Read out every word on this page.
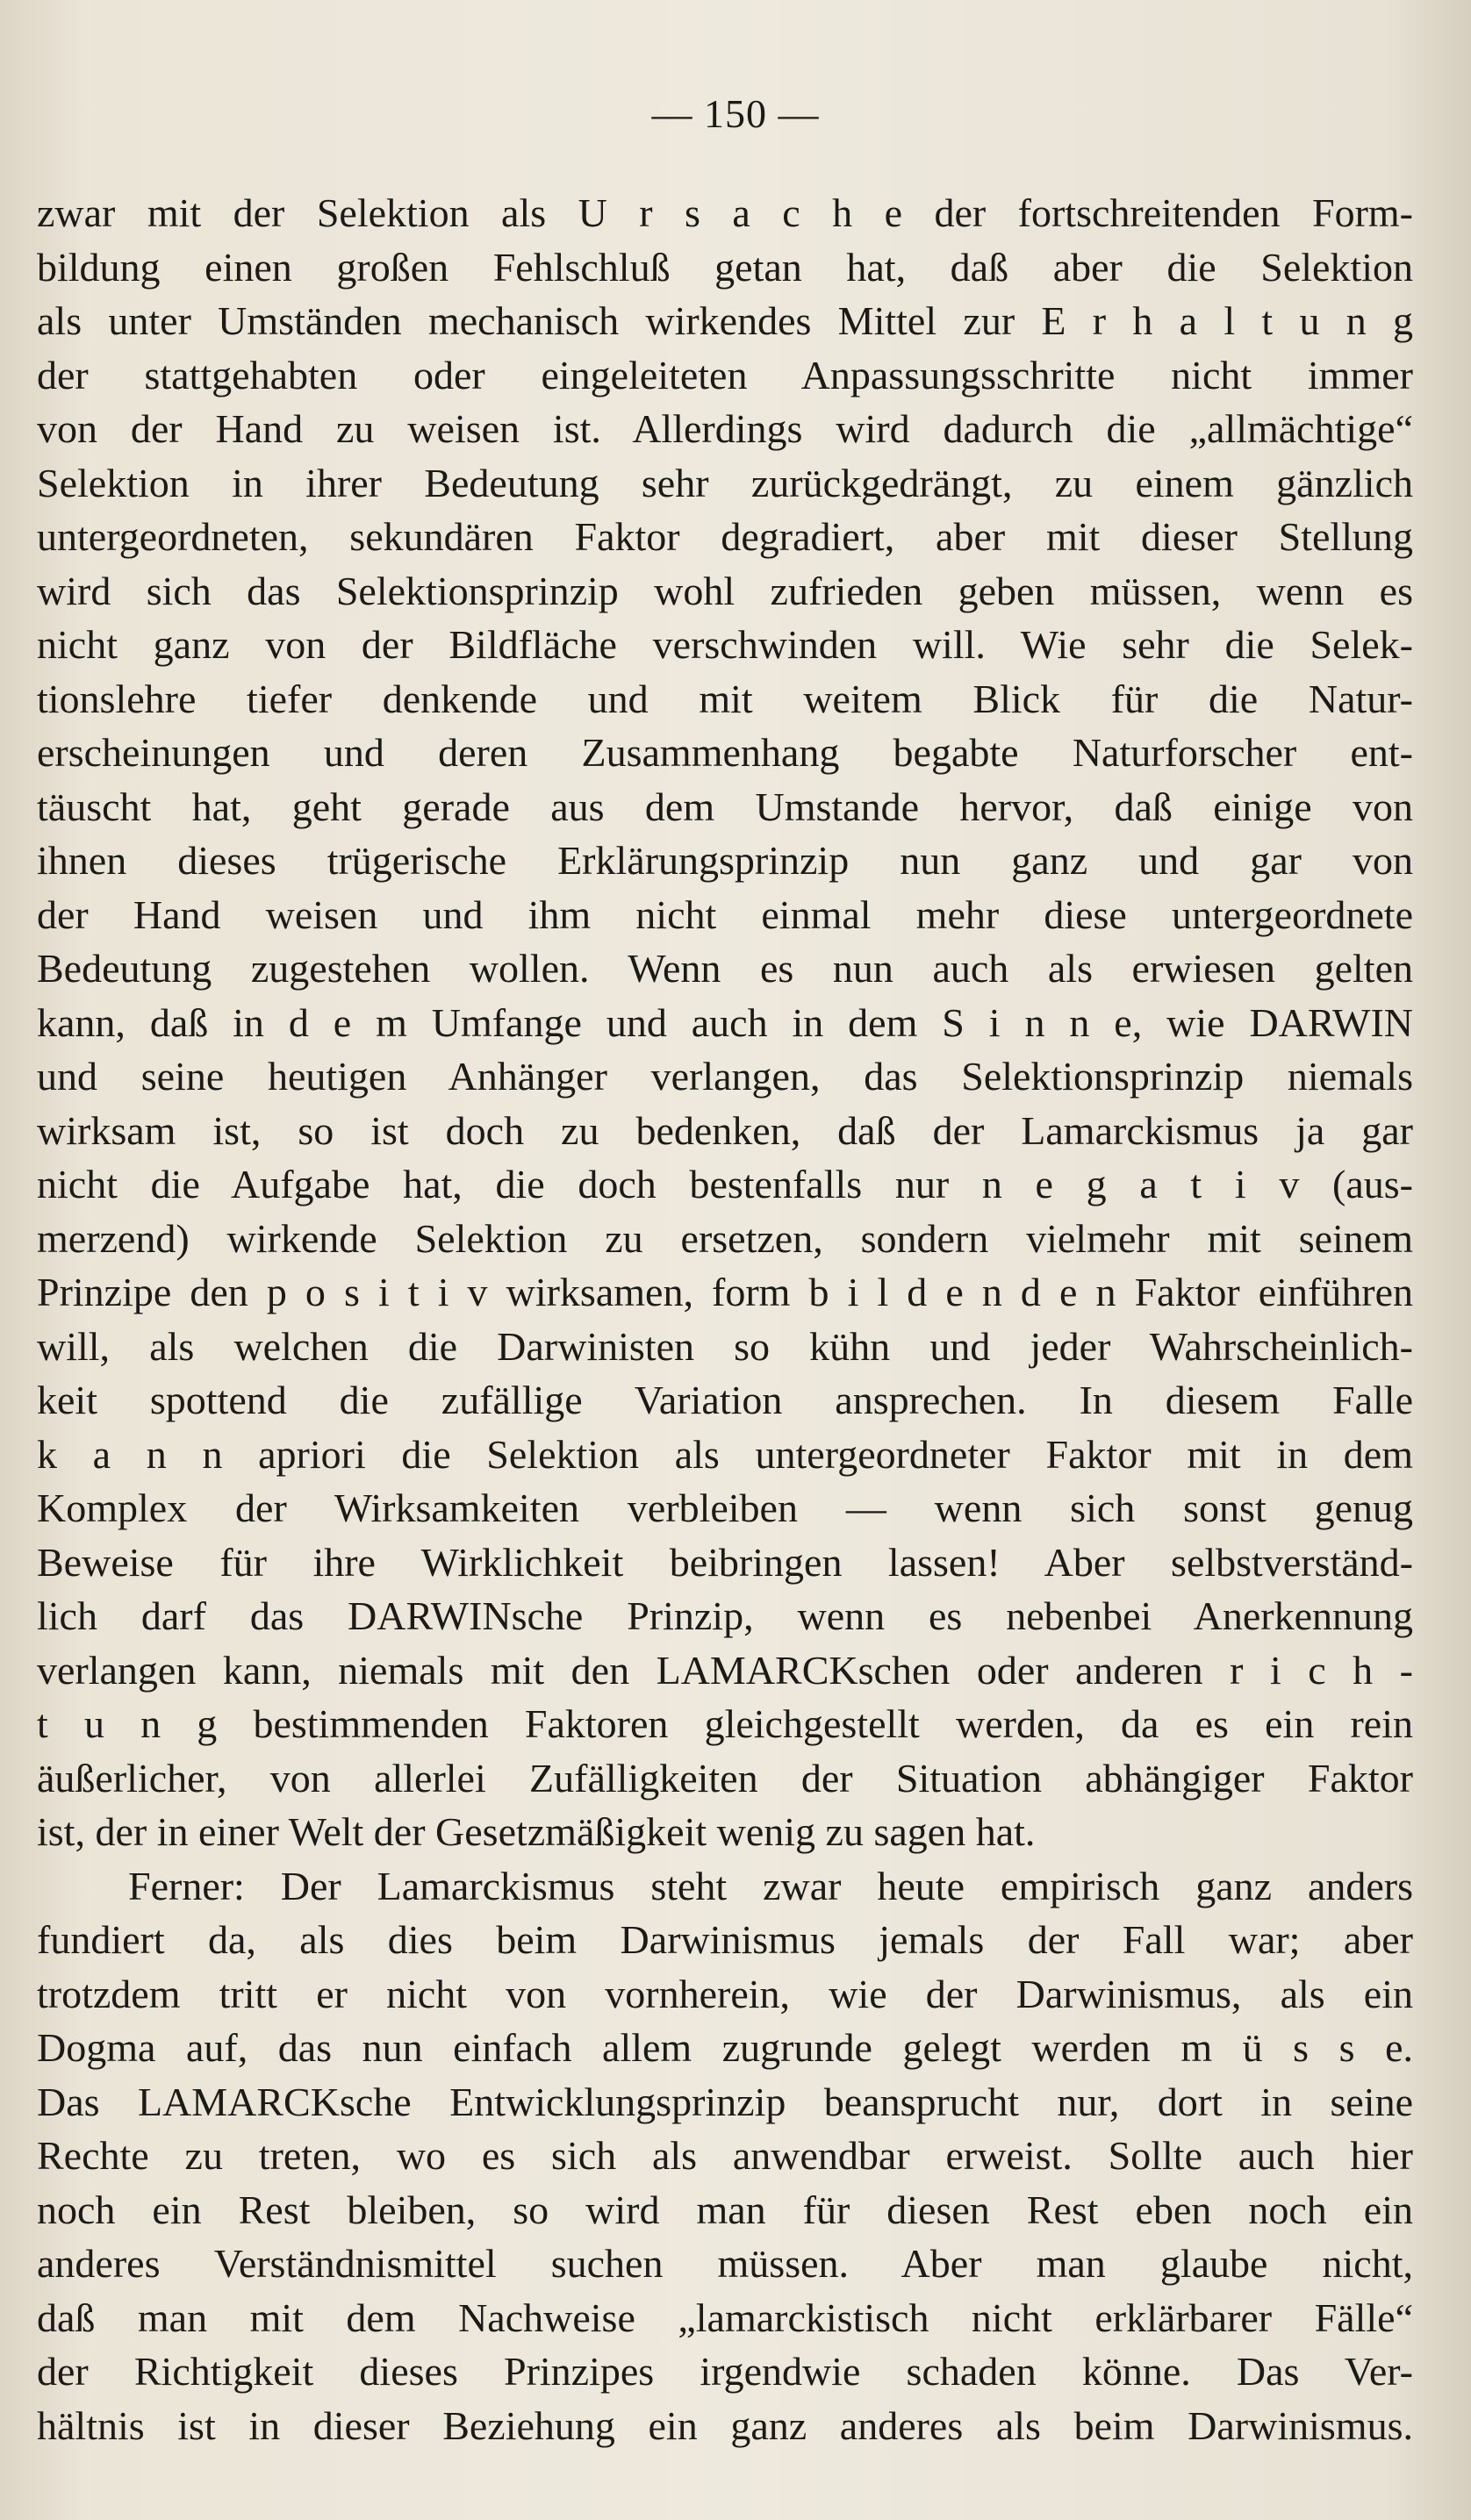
— 150 —
zwar mit der Selektion als U r s a c h e der fortschreitenden Form-
bildung einen großen Fehlschluß getan hat, daß aber die Selektion
als unter Umständen mechanisch wirkendes Mittel zur E r h a l t u n g
der stattgehabten oder eingeleiteten Anpassungsschritte nicht immer
von der Hand zu weisen ist. Allerdings wird dadurch die „allmächtige“
Selektion in ihrer Bedeutung sehr zurückgedrängt, zu einem gänzlich
untergeordneten, sekundären Faktor degradiert, aber mit dieser Stellung
wird sich das Selektionsprinzip wohl zufrieden geben müssen, wenn es
nicht ganz von der Bildfläche verschwinden will. Wie sehr die Selek-
tionslehre tiefer denkende und mit weitem Blick für die Natur-
erscheinungen und deren Zusammenhang begabte Naturforscher ent-
täuscht hat, geht gerade aus dem Umstande hervor, daß einige von
ihnen dieses trügerische Erklärungsprinzip nun ganz und gar von
der Hand weisen und ihm nicht einmal mehr diese untergeordnete
Bedeutung zugestehen wollen. Wenn es nun auch als erwiesen gelten
kann, daß in d e m Umfange und auch in dem S i n n e, wie DARWIN
und seine heutigen Anhänger verlangen, das Selektionsprinzip niemals
wirksam ist, so ist doch zu bedenken, daß der Lamarckismus ja gar
nicht die Aufgabe hat, die doch bestenfalls nur n e g a t i v (aus-
merzend) wirkende Selektion zu ersetzen, sondern vielmehr mit seinem
Prinzipe den p o s i t i v wirksamen, form b i l d e n d e n Faktor einführen
will, als welchen die Darwinisten so kühn und jeder Wahrscheinlich-
keit spottend die zufällige Variation ansprechen. In diesem Falle
k a n n apriori die Selektion als untergeordneter Faktor mit in dem
Komplex der Wirksamkeiten verbleiben — wenn sich sonst genug
Beweise für ihre Wirklichkeit beibringen lassen! Aber selbstverständ-
lich darf das DARWINsche Prinzip, wenn es nebenbei Anerkennung
verlangen kann, niemals mit den LAMARCKschen oder anderen r i c h -
t u n g bestimmenden Faktoren gleichgestellt werden, da es ein rein
äußerlicher, von allerlei Zufälligkeiten der Situation abhängiger Faktor
ist, der in einer Welt der Gesetzmäßigkeit wenig zu sagen hat.
Ferner: Der Lamarckismus steht zwar heute empirisch ganz anders
fundiert da, als dies beim Darwinismus jemals der Fall war; aber
trotzdem tritt er nicht von vornherein, wie der Darwinismus, als ein
Dogma auf, das nun einfach allem zugrunde gelegt werden m ü s s e.
Das LAMARCKsche Entwicklungsprinzip beansprucht nur, dort in seine
Rechte zu treten, wo es sich als anwendbar erweist. Sollte auch hier
noch ein Rest bleiben, so wird man für diesen Rest eben noch ein
anderes Verständnismittel suchen müssen. Aber man glaube nicht,
daß man mit dem Nachweise „lamarckistisch nicht erklärbarer Fälle“
der Richtigkeit dieses Prinzipes irgendwie schaden könne. Das Ver-
hältnis ist in dieser Beziehung ein ganz anderes als beim Darwinismus.
